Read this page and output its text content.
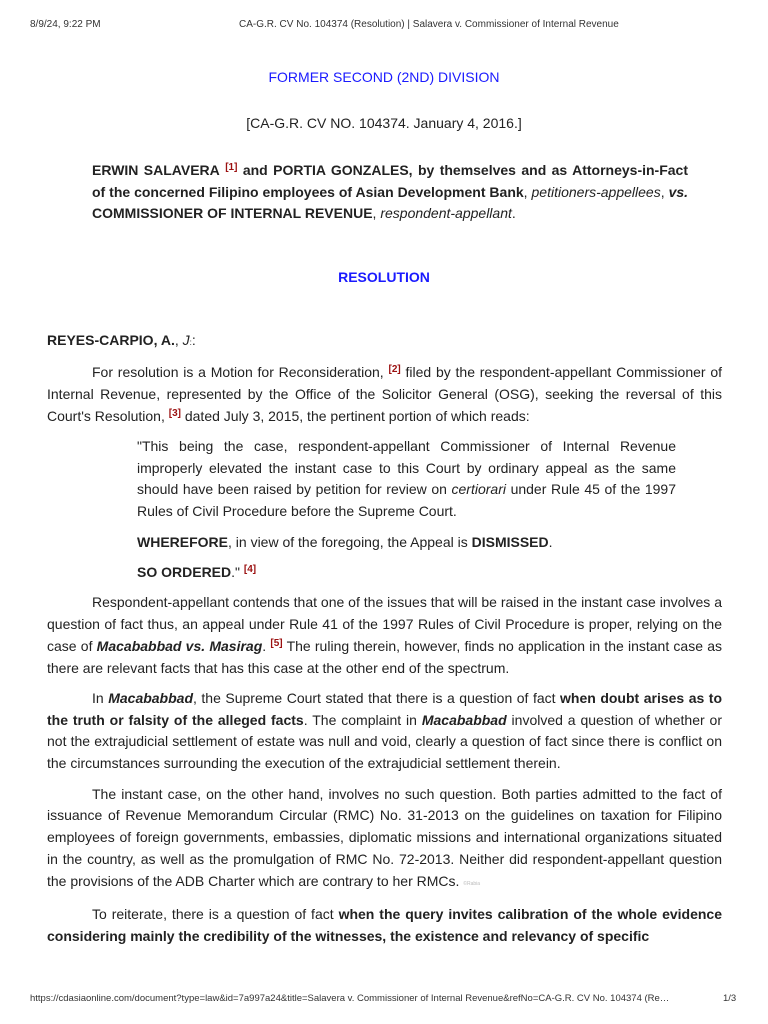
8/9/24, 9:22 PM	CA-G.R. CV No. 104374 (Resolution) | Salavera v. Commissioner of Internal Revenue
FORMER SECOND (2ND) DIVISION
[CA-G.R. CV NO. 104374. January 4, 2016.]
ERWIN SALAVERA [1] and PORTIA GONZALES, by themselves and as Attorneys-in-Fact of the concerned Filipino employees of Asian Development Bank, petitioners-appellees, vs. COMMISSIONER OF INTERNAL REVENUE, respondent-appellant.
RESOLUTION
REYES-CARPIO, A., J::

For resolution is a Motion for Reconsideration, [2] filed by the respondent-appellant Commissioner of Internal Revenue, represented by the Office of the Solicitor General (OSG), seeking the reversal of this Court's Resolution, [3] dated July 3, 2015, the pertinent portion of which reads:

"This being the case, respondent-appellant Commissioner of Internal Revenue improperly elevated the instant case to this Court by ordinary appeal as the same should have been raised by petition for review on certiorari under Rule 45 of the 1997 Rules of Civil Procedure before the Supreme Court.

WHEREFORE, in view of the foregoing, the Appeal is DISMISSED.

SO ORDERED." [4]

Respondent-appellant contends that one of the issues that will be raised in the instant case involves a question of fact thus, an appeal under Rule 41 of the 1997 Rules of Civil Procedure is proper, relying on the case of Macababbad vs. Masirag. [5] The ruling therein, however, finds no application in the instant case as there are relevant facts that has this case at the other end of the spectrum.

In Macababbad, the Supreme Court stated that there is a question of fact when doubt arises as to the truth or falsity of the alleged facts. The complaint in Macababbad involved a question of whether or not the extrajudicial settlement of estate was null and void, clearly a question of fact since there is conflict on the circumstances surrounding the execution of the extrajudicial settlement therein.

The instant case, on the other hand, involves no such question. Both parties admitted to the fact of issuance of Revenue Memorandum Circular (RMC) No. 31-2013 on the guidelines on taxation for Filipino employees of foreign governments, embassies, diplomatic missions and international organizations situated in the country, as well as the promulgation of RMC No. 72-2013. Neither did respondent-appellant question the provisions of the ADB Charter which are contrary to her RMCs. ©Rabia

To reiterate, there is a question of fact when the query invites calibration of the whole evidence considering mainly the credibility of the witnesses, the existence and relevancy of specific

https://cdasiaonline.com/document?type=law&id=7a997a24&title=Salavera v. Commissioner of Internal Revenue&refNo=CA-G.R. CV No. 104374 (Re…	1/3
